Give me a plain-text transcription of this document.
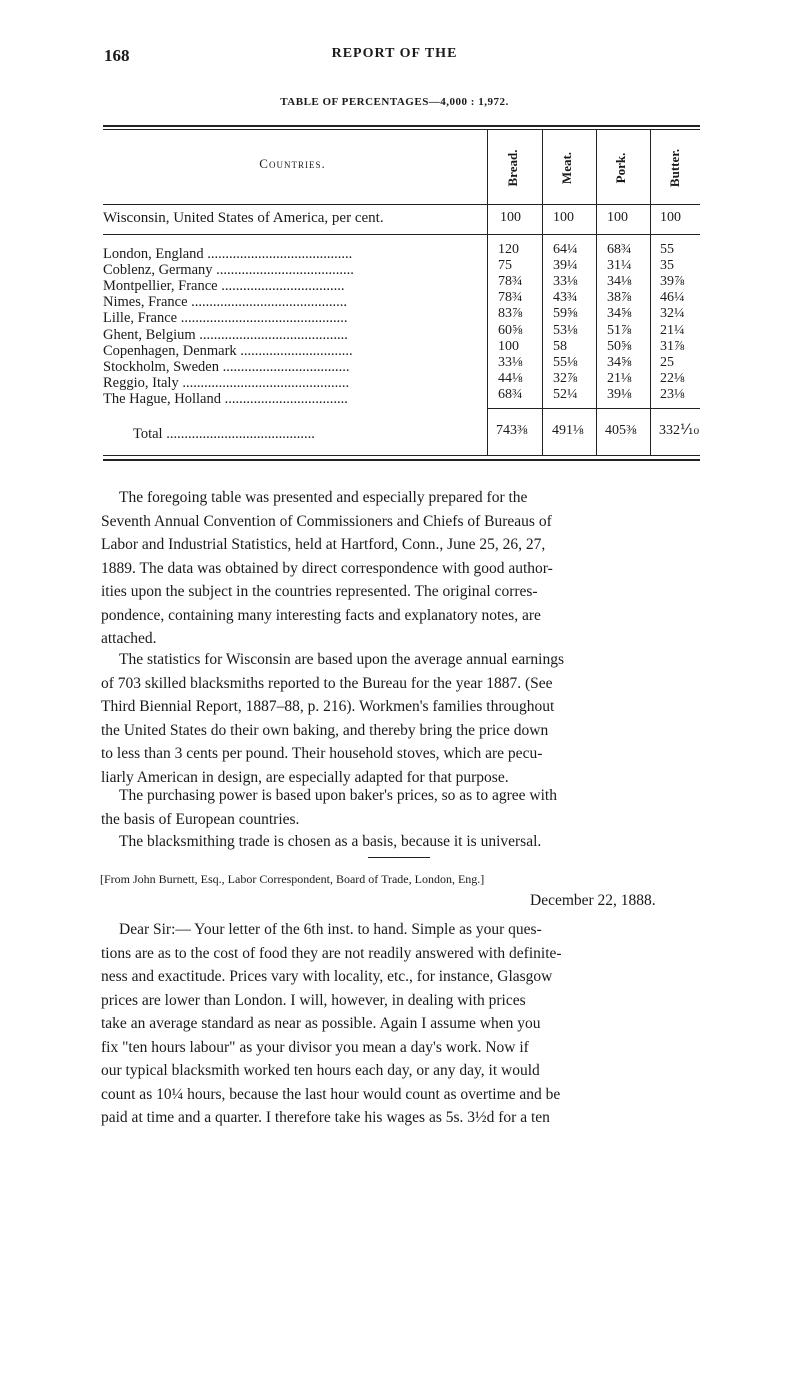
168	REPORT OF THE
TABLE OF PERCENTAGES—4,000 : 1,972.
Countries.	Bread.	Meat.	Pork.	Butter.
Wisconsin, United States of America, per cent.	100 100 100 100
London, England ........................................	120 64¼ 68¾ 55
Coblenz, Germany ......................................	75	39¼ 31¼ 35
Montpellier, France ..................................	78¾ 33⅛ 34⅛ 39⅞
Nimes, France ...........................................	78¾ 43¾ 38⅞ 46¼
Lille, France ..............................................	83⅞ 59⅝ 34⅝ 32¼
Ghent, Belgium .........................................	60⅝ 53⅛ 51⅞ 21¼
Copenhagen, Denmark ...............................	100 58	50⅝ 31⅞
Stockholm, Sweden ...................................	33⅛ 55⅛ 34⅝ 25
Reggio, Italy ..............................................	44⅛ 32⅞ 21⅛ 22⅛
The Hague, Holland ..................................	68¾ 52¼ 39⅛ 23⅛
Total .........................................	743⅜ 491⅛ 405⅜ 332⅒
The foregoing table was presented and especially prepared for the
Seventh Annual Convention of Commissioners and Chiefs of Bureaus of
Labor and Industrial Statistics, held at Hartford, Conn., June 25, 26, 27,
1889. The data was obtained by direct correspondence with good author-
ities upon the subject in the countries represented. The original corres-
pondence, containing many interesting facts and explanatory notes, are
attached.
The statistics for Wisconsin are based upon the average annual earnings
of 703 skilled blacksmiths reported to the Bureau for the year 1887. (See
Third Biennial Report, 1887–88, p. 216). Workmen's families throughout
the United States do their own baking, and thereby bring the price down
to less than 3 cents per pound. Their household stoves, which are pecu-
liarly American in design, are especially adapted for that purpose.
The purchasing power is based upon baker's prices, so as to agree with
the basis of European countries.
The blacksmithing trade is chosen as a basis, because it is universal.
[From John Burnett, Esq., Labor Correspondent, Board of Trade, London, Eng.]
December 22, 1888.
Dear Sir:— Your letter of the 6th inst. to hand. Simple as your ques-
tions are as to the cost of food they are not readily answered with definite-
ness and exactitude. Prices vary with locality, etc., for instance, Glasgow
prices are lower than London. I will, however, in dealing with prices
take an average standard as near as possible. Again I assume when you
fix "ten hours labour" as your divisor you mean a day's work. Now if
our typical blacksmith worked ten hours each day, or any day, it would
count as 10¼ hours, because the last hour would count as overtime and be
paid at time and a quarter. I therefore take his wages as 5s. 3½d for a ten
